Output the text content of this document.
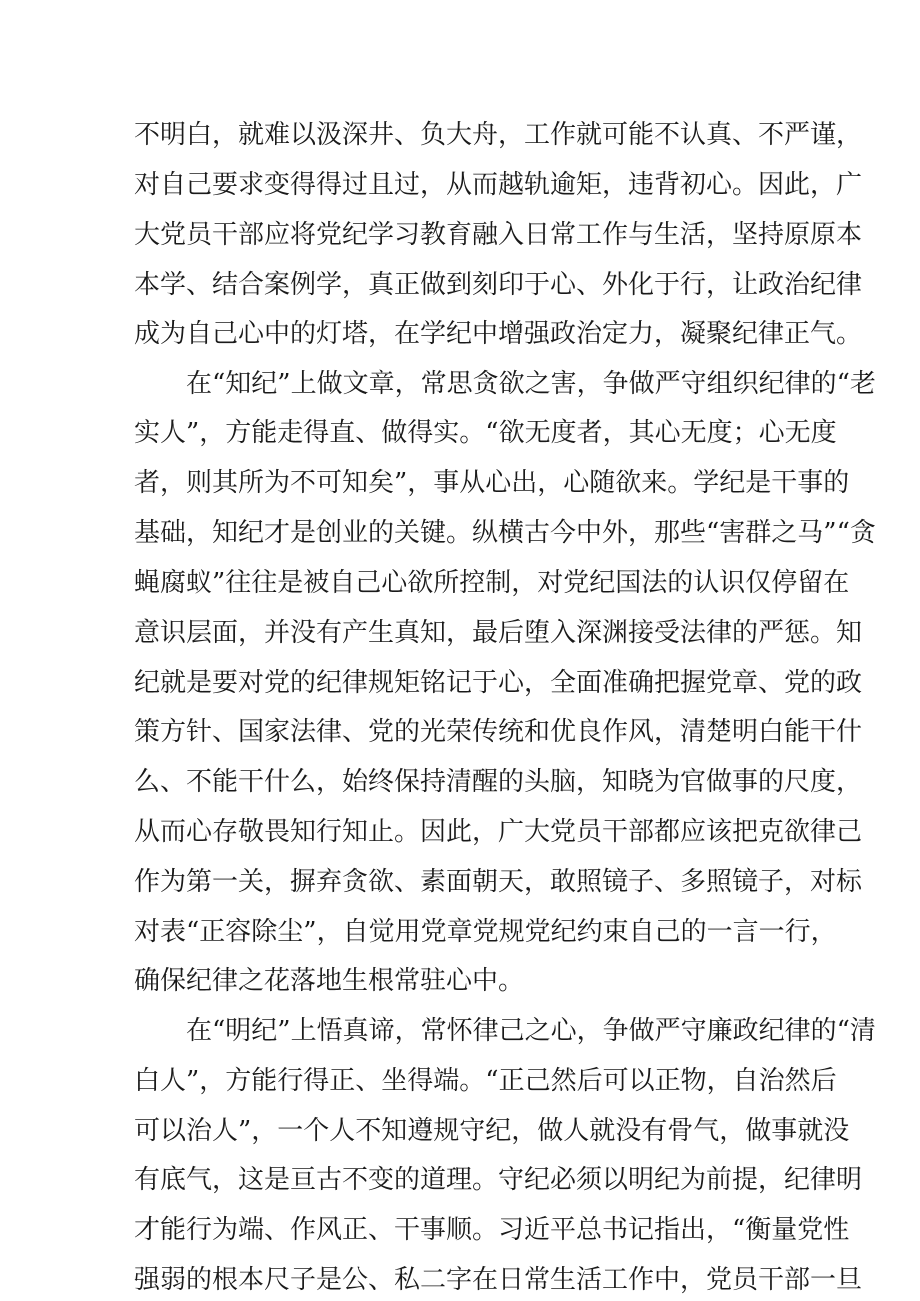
不明白，就难以汲深井、负大舟，工作就可能不认真、不严谨，
对自己要求变得得过且过，从而越轨逾矩，违背初心。因此，广
大党员干部应将党纪学习教育融入日常工作与生活，坚持原原本
本学、结合案例学，真正做到刻印于心、外化于行，让政治纪律
成为自己心中的灯塔，在学纪中增强政治定力，凝聚纪律正气。
在“知纪”上做文章，常思贪欲之害，争做严守组织纪律的“老
实人”，方能走得直、做得实。“欲无度者，其心无度；心无度
者，则其所为不可知矣”，事从心出，心随欲来。学纪是干事的
基础，知纪才是创业的关键。纵横古今中外，那些“害群之马”“贪
蝇腐蚁”往往是被自己心欲所控制，对党纪国法的认识仅停留在
意识层面，并没有产生真知，最后堕入深渊接受法律的严惩。知
纪就是要对党的纪律规矩铭记于心，全面准确把握党章、党的政
策方针、国家法律、党的光荣传统和优良作风，清楚明白能干什
么、不能干什么，始终保持清醒的头脑，知晓为官做事的尺度，
从而心存敬畏知行知止。因此，广大党员干部都应该把克欲律己
作为第一关，摒弃贪欲、素面朝天，敢照镜子、多照镜子，对标
对表“正容除尘”，自觉用党章党规党纪约束自己的一言一行，
确保纪律之花落地生根常驻心中。
在“明纪”上悟真谛，常怀律己之心，争做严守廉政纪律的“清
白人”，方能行得正、坐得端。“正己然后可以正物，自治然后
可以治人”，一个人不知遵规守纪，做人就没有骨气，做事就没
有底气，这是亘古不变的道理。守纪必须以明纪为前提，纪律明
才能行为端、作风正、干事顺。习近平总书记指出，“衡量党性
强弱的根本尺子是公、私二字在日常生活工作中，党员干部一旦
